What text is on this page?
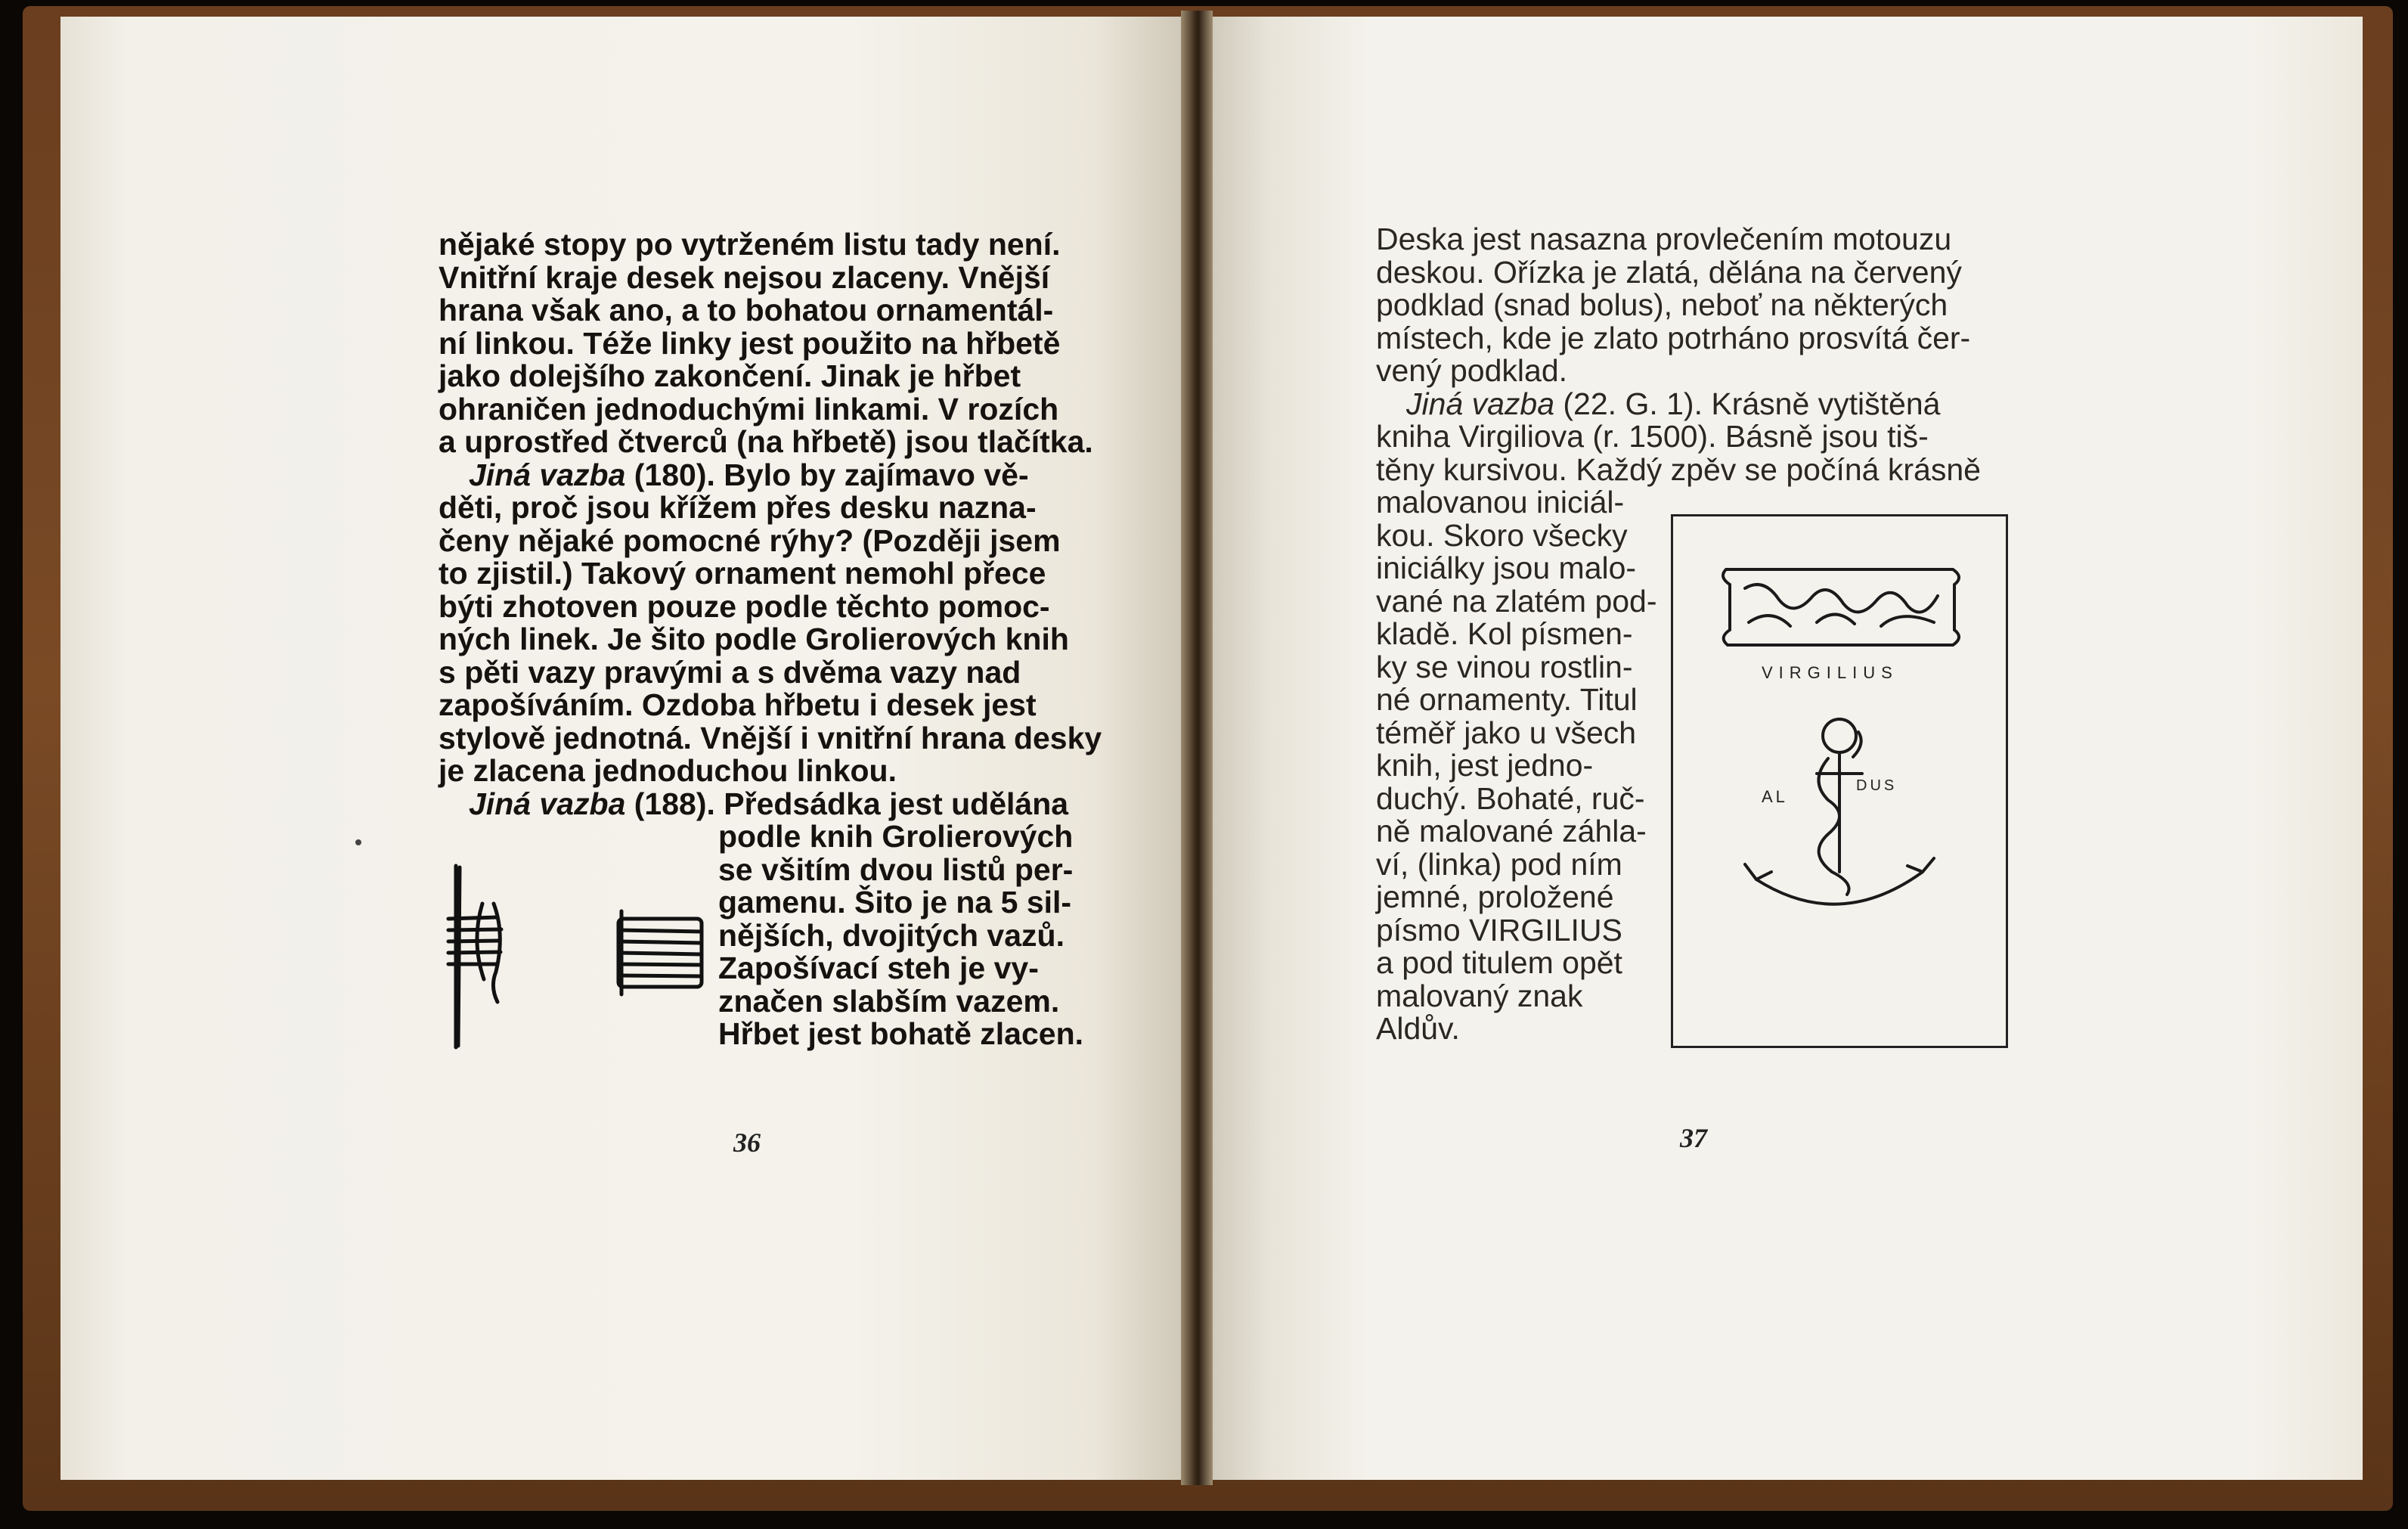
nějaké stopy po vytrženém listu tady není.
Vnitřní kraje desek nejsou zlaceny. Vnější
hrana však ano, a to bohatou ornamentál-
ní linkou. Téže linky jest použito na hřbetě
jako dolejšího zakončení. Jinak je hřbet
ohraničen jednoduchými linkami. V rozích
a uprostřed čtverců (na hřbetě) jsou tlačítka.
Jiná vazba (180). Bylo by zajímavo vě-
děti, proč jsou křížem přes desku nazna-
čeny nějaké pomocné rýhy? (Později jsem
to zjistil.) Takový ornament nemohl přece
býti zhotoven pouze podle těchto pomoc-
ných linek. Je šito podle Grolierových knih
s pěti vazy pravými a s dvěma vazy nad
zapošíváním. Ozdoba hřbetu i desek jest
stylově jednotná. Vnější i vnitřní hrana desky
je zlacena jednoduchou linkou.
Jiná vazba (188). Předsádka jest udělána
podle knih Grolierových
se všitím dvou listů per-
gamenu. Šito je na 5 sil-
nějších, dvojitých vazů.
Zapošívací steh je vy-
značen slabším vazem.
Hřbet jest bohatě zlacen.
36
Deska jest nasazna provlečením motouzu
deskou. Ořízka je zlatá, dělána na červený
podklad (snad bolus), neboť na některých
místech, kde je zlato potrháno prosvítá čer-
vený podklad.
Jiná vazba (22. G. 1). Krásně vytištěná
kniha Virgiliova (r. 1500). Básně jsou tiš-
těny kursivou. Každý zpěv se počíná krásně
malovanou iniciál-
kou. Skoro všecky
iniciálky jsou malo-
vané na zlatém pod-
kladě. Kol písmen-
ky se vinou rostlin-
né ornamenty. Titul
téměř jako u všech
knih, jest jedno-
duchý. Bohaté, ruč-
ně malované záhla-
ví, (linka) pod ním
jemné, proložené
písmo VIRGILIUS
a pod titulem opět
malovaný znak
Aldův.
VIRGILIUS
AL
DUS
37
